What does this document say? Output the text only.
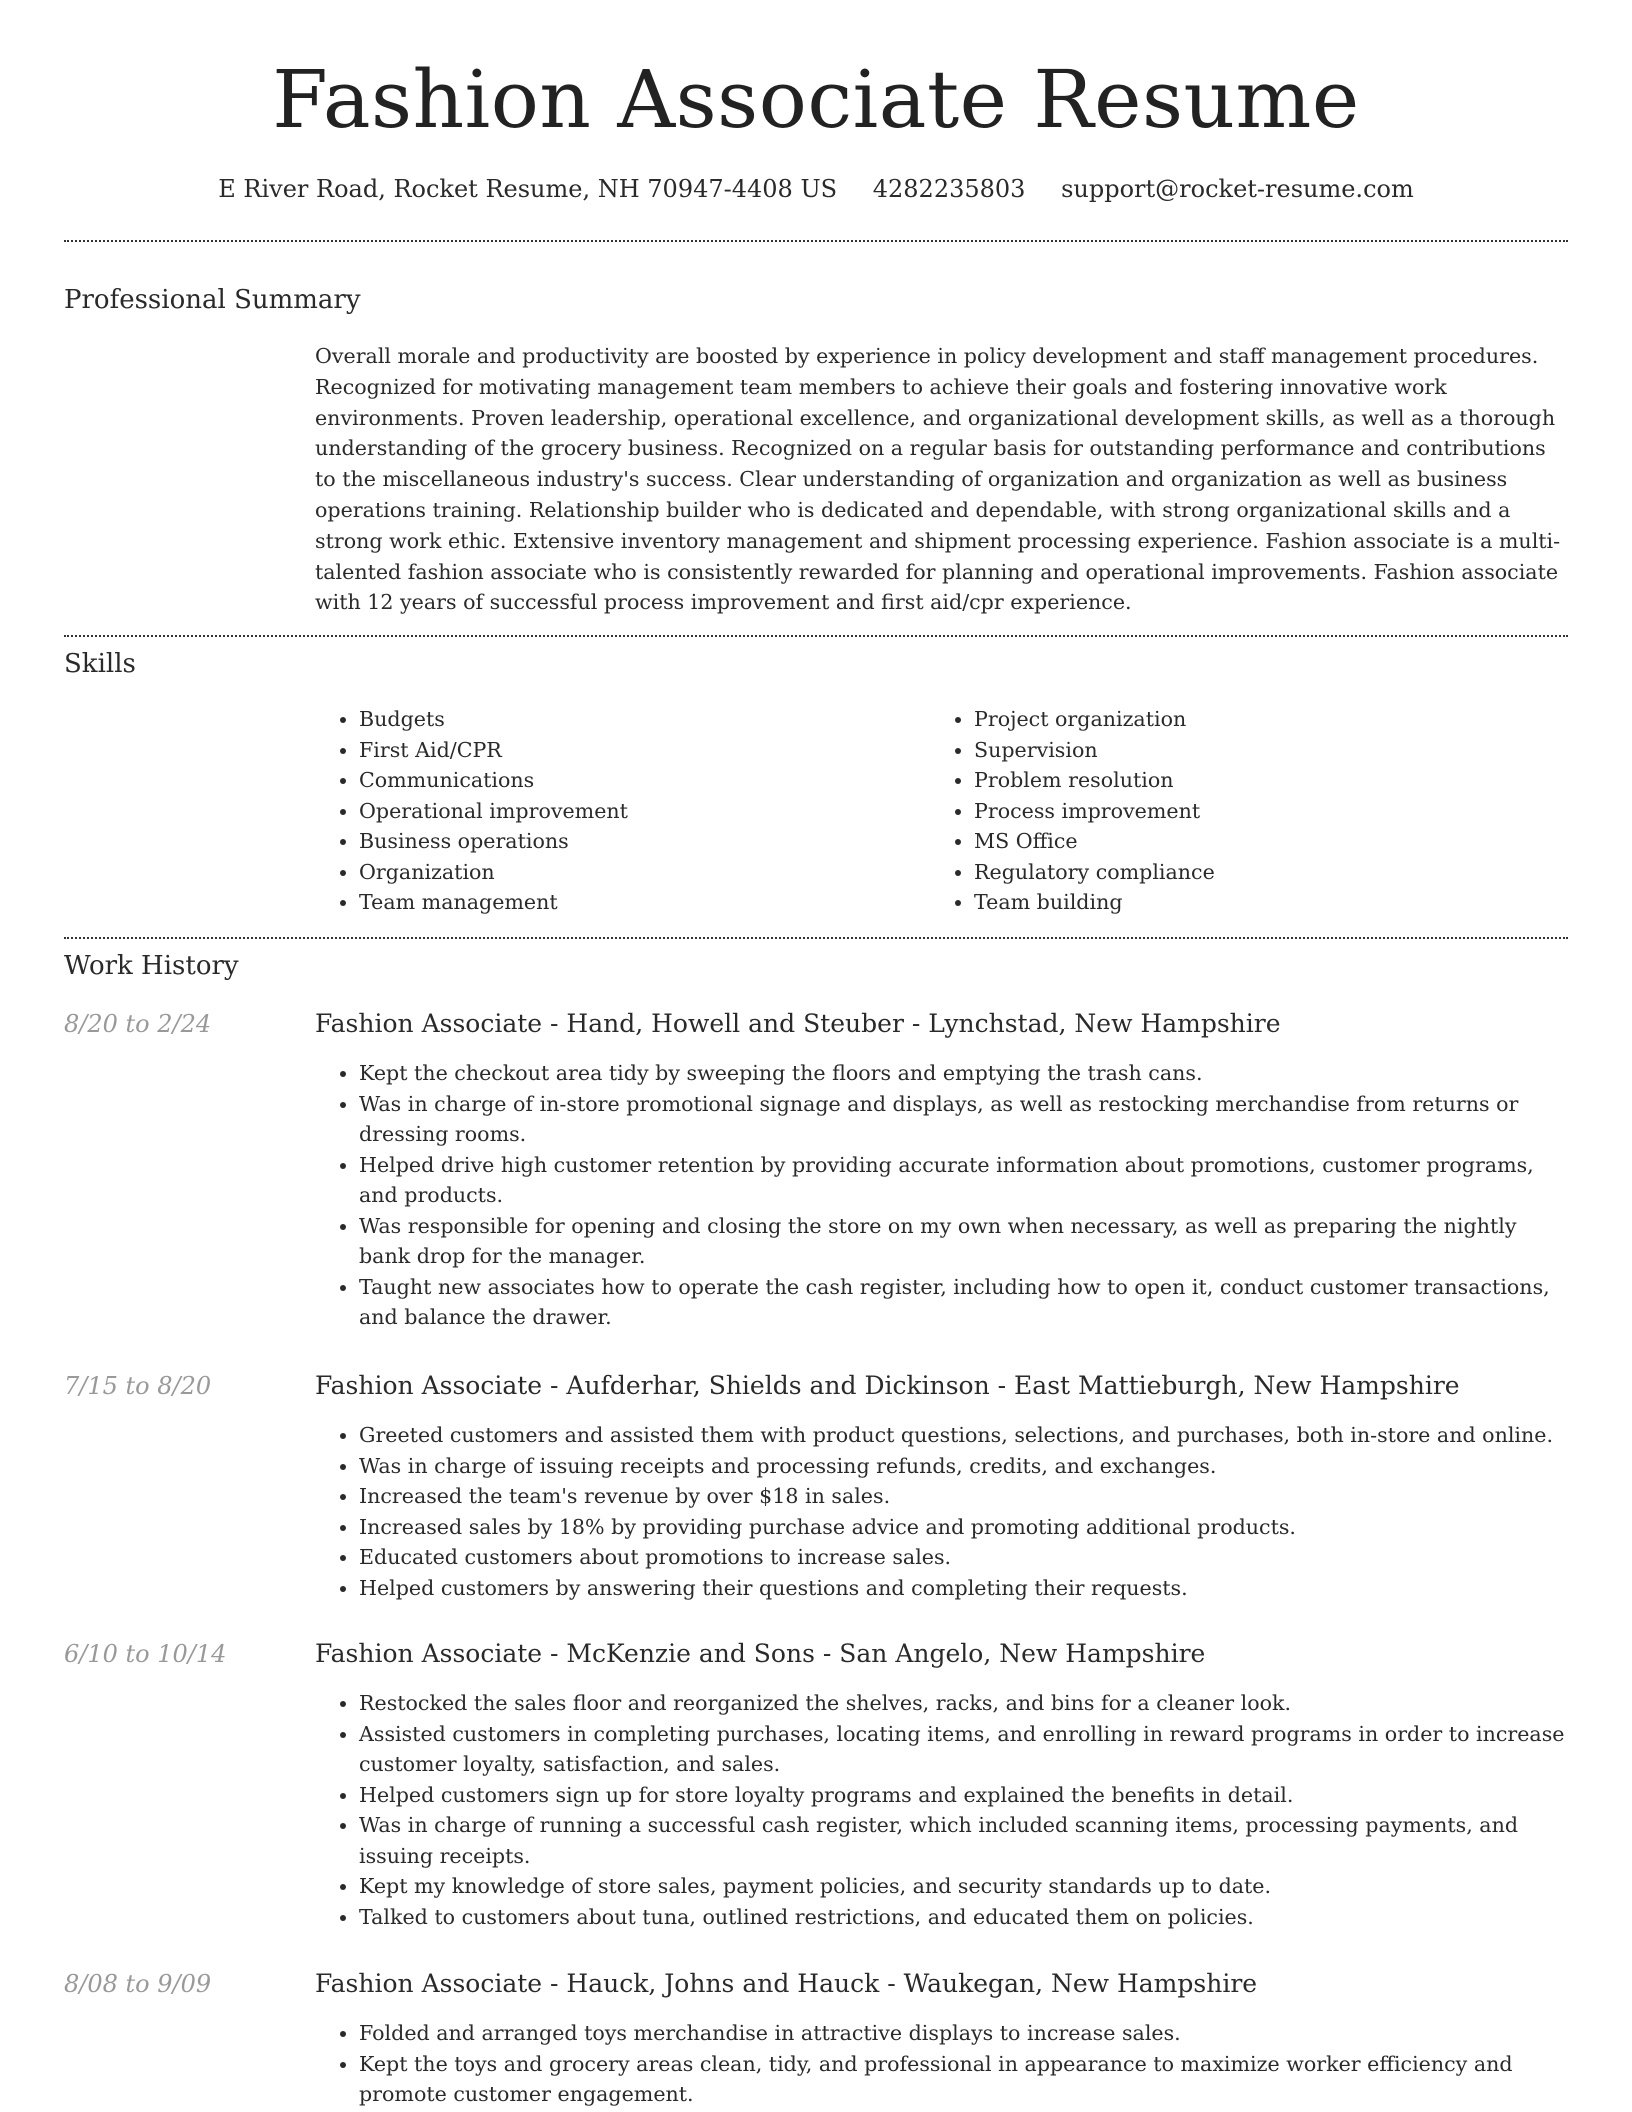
Fashion Associate Resume
E River Road, Rocket Resume, NH 70947-4408 US 4282235803 support@rocket-resume.com
Professional Summary

Overall morale and productivity are boosted by experience in policy development and staff management procedures. Recognized for motivating management team members to achieve their goals and fostering innovative work environments. Proven leadership, operational excellence, and organizational development skills, as well as a thorough understanding of the grocery business. Recognized on a regular basis for outstanding performance and contributions to the miscellaneous industry's success. Clear understanding of organization and organization as well as business operations training. Relationship builder who is dedicated and dependable, with strong organizational skills and a strong work ethic. Extensive inventory management and shipment processing experience. Fashion associate is a multi-talented fashion associate who is consistently rewarded for planning and operational improvements. Fashion associate with 12 years of successful process improvement and first aid/cpr experience.

Skills
• Budgets
• First Aid/CPR
• Communications
• Operational improvement
• Business operations
• Organization
• Team management
• Project organization
• Supervision
• Problem resolution
• Process improvement
• MS Office
• Regulatory compliance
• Team building
Work History
8/20 to 2/24	Fashion Associate - Hand, Howell and Steuber - Lynchstad, New Hampshire
• Kept the checkout area tidy by sweeping the floors and emptying the trash cans.
• Was in charge of in-store promotional signage and displays, as well as restocking merchandise from returns or dressing rooms.
• Helped drive high customer retention by providing accurate information about promotions, customer programs, and products.
• Was responsible for opening and closing the store on my own when necessary, as well as preparing the nightly bank drop for the manager.
• Taught new associates how to operate the cash register, including how to open it, conduct customer transactions, and balance the drawer.
7/15 to 8/20	Fashion Associate - Aufderhar, Shields and Dickinson - East Mattieburgh, New Hampshire
• Greeted customers and assisted them with product questions, selections, and purchases, both in-store and online.
• Was in charge of issuing receipts and processing refunds, credits, and exchanges.
• Increased the team's revenue by over $18 in sales.
• Increased sales by 18% by providing purchase advice and promoting additional products.
• Educated customers about promotions to increase sales.
• Helped customers by answering their questions and completing their requests.
6/10 to 10/14	Fashion Associate - McKenzie and Sons - San Angelo, New Hampshire
• Restocked the sales floor and reorganized the shelves, racks, and bins for a cleaner look.
• Assisted customers in completing purchases, locating items, and enrolling in reward programs in order to increase customer loyalty, satisfaction, and sales.
• Helped customers sign up for store loyalty programs and explained the benefits in detail.
• Was in charge of running a successful cash register, which included scanning items, processing payments, and issuing receipts.
• Kept my knowledge of store sales, payment policies, and security standards up to date.
• Talked to customers about tuna, outlined restrictions, and educated them on policies.
8/08 to 9/09	Fashion Associate - Hauck, Johns and Hauck - Waukegan, New Hampshire
• Folded and arranged toys merchandise in attractive displays to increase sales.
• Kept the toys and grocery areas clean, tidy, and professional in appearance to maximize worker efficiency and promote customer engagement.
